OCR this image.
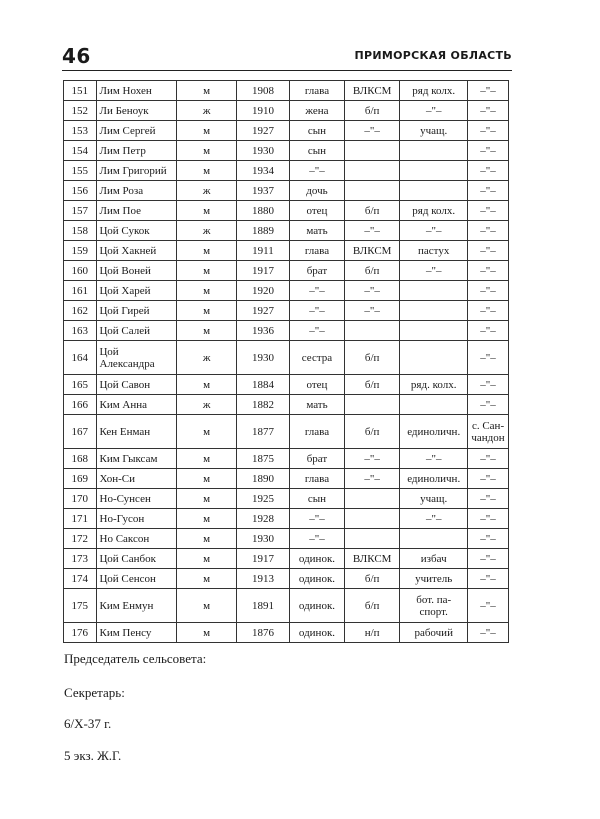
46	ПРИМОРСКАЯ ОБЛАСТЬ
151	Лим Нохен	м	1908	глава	ВЛКСМ	ряд колх.	–"–
152	Ли Беноук	ж	1910	жена	б/п	–"–	–"–
153	Лим Сергей	м	1927	сын	–"–	учащ.	–"–
154	Лим Петр	м	1930	сын			–"–
155	Лим Григорий	м	1934	–"–			–"–
156	Лим Роза	ж	1937	дочь			–"–
157	Лим Пое	м	1880	отец	б/п	ряд колх.	–"–
158	Цой Сукок	ж	1889	мать	–"–	–"–	–"–
159	Цой Хакней	м	1911	глава	ВЛКСМ	пастух	–"–
160	Цой Воней	м	1917	брат	б/п	–"–	–"–
161	Цой Харей	м	1920	–"–	–"–		–"–
162	Цой Гирей	м	1927	–"–	–"–		–"–
163	Цой Салей	м	1936	–"–			–"–
164	Цой Александра	ж	1930	сестра	б/п		–"–
165	Цой Савон	м	1884	отец	б/п	ряд. колх.	–"–
166	Ким Анна	ж	1882	мать			–"–
167	Кен Енман	м	1877	глава	б/п	единоличн.	с. Сан-чандон
168	Ким Гыксам	м	1875	брат	–"–	–"–	–"–
169	Хон-Си	м	1890	глава	–"–	единоличн.	–"–
170	Но-Сунсен	м	1925	сын		учащ.	–"–
171	Но-Гусон	м	1928	–"–		–"–	–"–
172	Но Саксон	м	1930	–"–			–"–
173	Цой Санбок	м	1917	одинок.	ВЛКСМ	избач	–"–
174	Цой Сенсон	м	1913	одинок.	б/п	учитель	–"–
175	Ким Енмун	м	1891	одинок.	б/п	бот. па-спорт.	–"–
176	Ким Пенсу	м	1876	одинок.	н/п	рабочий	–"–
Председатель сельсовета:
Секретарь:
6/Х-37 г.
5 экз. Ж.Г.
